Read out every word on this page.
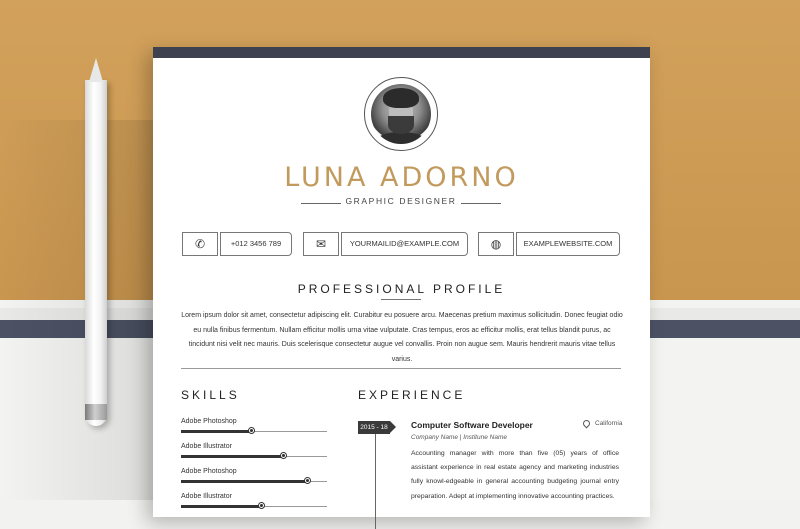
LUNA ADORNO
GRAPHIC DESIGNER
✆	+012 3456 789	✉	YOURMAILID@EXAMPLE.COM	◍	EXAMPLEWEBSITE.COM
PROFESSIONAL PROFILE
Lorem ipsum dolor sit amet, consectetur adipiscing elit. Curabitur eu posuere arcu. Maecenas pretium maximus sollicitudin. Donec feugiat odio eu nulla finibus fermentum. Nullam efficitur mollis urna vitae vulputate. Cras tempus, eros ac efficitur mollis, erat tellus blandit purus, ac tincidunt nisi velit nec mauris. Duis scelerisque consectetur augue vel convallis. Proin non augue sem. Mauris hendrerit mauris vitae tellus varius.
SKILLS
Adobe Photoshop
Adobe Illustrator
Adobe Photoshop
Adobe Illustrator
EXPERIENCE
2015 - 18	Computer Software Developer
Company Name | Institune Name
California
Accounting manager with more than five (05) years of office assistant experience in real estate agency and marketing industries fully knowl-edgeable in general accounting budgeting journal entry preparation. Adept at implementing innovative accounting practices.
